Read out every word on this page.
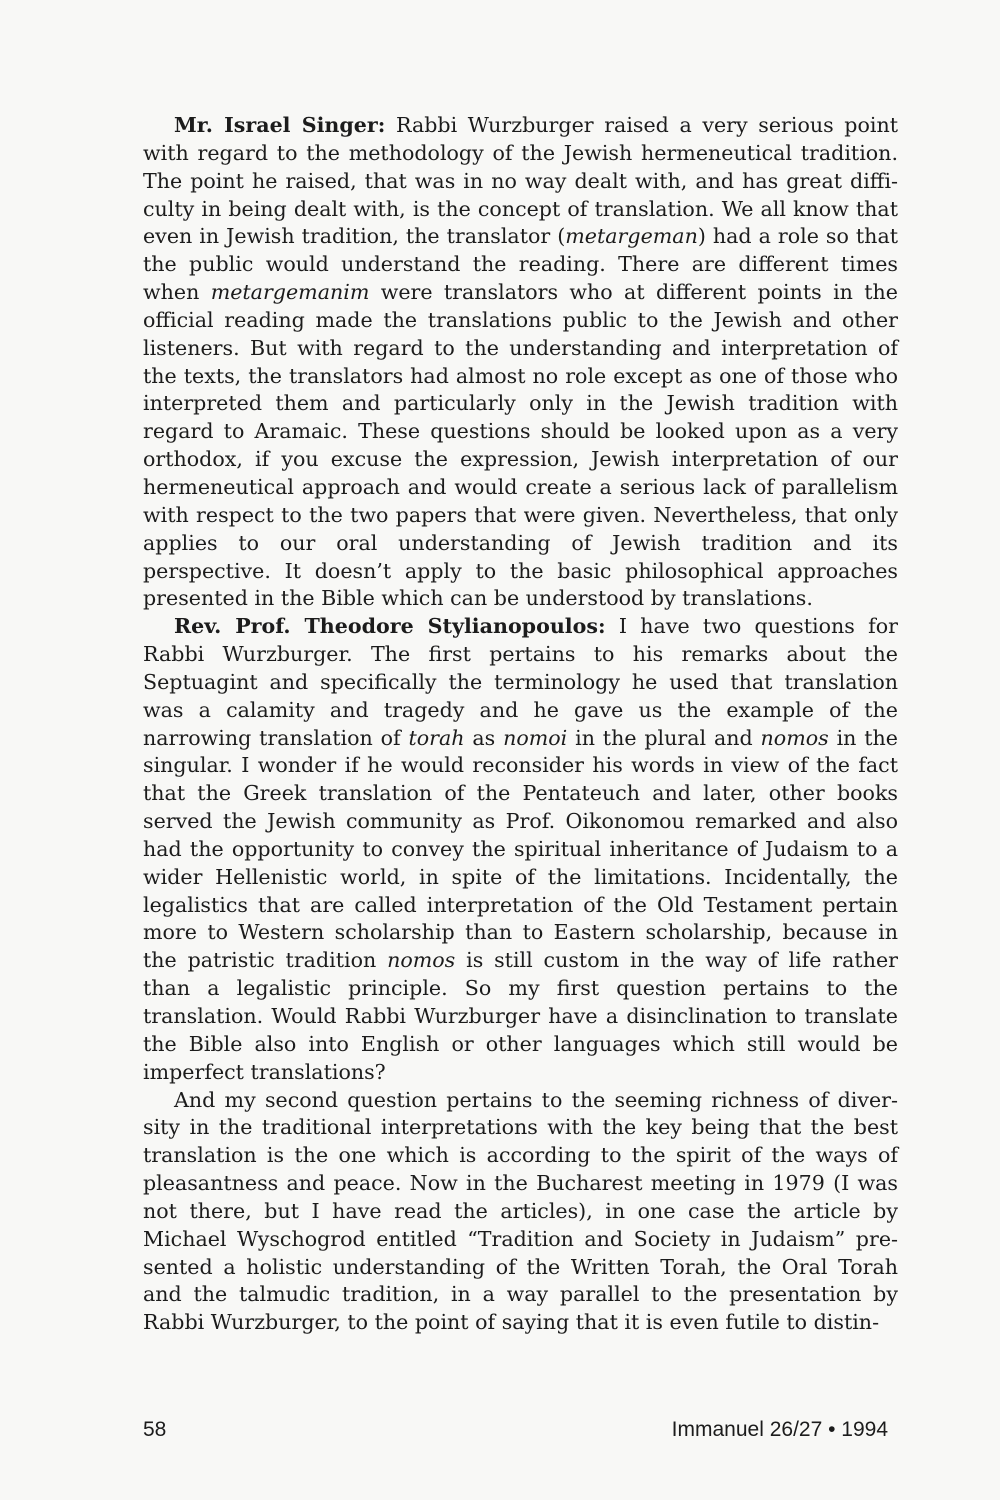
Mr. Israel Singer: Rabbi Wurzburger raised a very serious point with regard to the methodology of the Jewish hermeneutical tradition. The point he raised, that was in no way dealt with, and has great difficulty in being dealt with, is the concept of translation. We all know that even in Jewish tradition, the translator (metargeman) had a role so that the public would understand the reading. There are different times when metargemanim were translators who at different points in the official reading made the translations public to the Jewish and other listeners. But with regard to the understanding and interpretation of the texts, the translators had almost no role except as one of those who interpreted them and particularly only in the Jewish tradition with regard to Aramaic. These questions should be looked upon as a very orthodox, if you excuse the expression, Jewish interpretation of our hermeneutical approach and would create a serious lack of parallelism with respect to the two papers that were given. Nevertheless, that only applies to our oral understanding of Jewish tradition and its perspective. It doesn’t apply to the basic philosophical approaches presented in the Bible which can be understood by translations.

Rev. Prof. Theodore Stylianopoulos: I have two questions for Rabbi Wurzburger. The first pertains to his remarks about the Septuagint and specifically the terminology he used that translation was a calamity and tragedy and he gave us the example of the narrowing translation of torah as nomoi in the plural and nomos in the singular. I wonder if he would reconsider his words in view of the fact that the Greek translation of the Pentateuch and later, other books served the Jewish community as Prof. Oikonomou remarked and also had the opportunity to convey the spiritual inheritance of Judaism to a wider Hellenistic world, in spite of the limitations. Incidentally, the legalistics that are called interpretation of the Old Testament pertain more to Western scholarship than to Eastern scholarship, because in the patristic tradition nomos is still custom in the way of life rather than a legalistic principle. So my first question pertains to the translation. Would Rabbi Wurzburger have a disinclination to translate the Bible also into English or other languages which still would be imperfect translations?

And my second question pertains to the seeming richness of diversity in the traditional interpretations with the key being that the best translation is the one which is according to the spirit of the ways of pleasantness and peace. Now in the Bucharest meeting in 1979 (I was not there, but I have read the articles), in one case the article by Michael Wyschogrod entitled “Tradition and Society in Judaism” presented a holistic understanding of the Written Torah, the Oral Torah and the talmudic tradition, in a way parallel to the presentation by Rabbi Wurzburger, to the point of saying that it is even futile to distin-

58	Immanuel 26/27 • 1994
